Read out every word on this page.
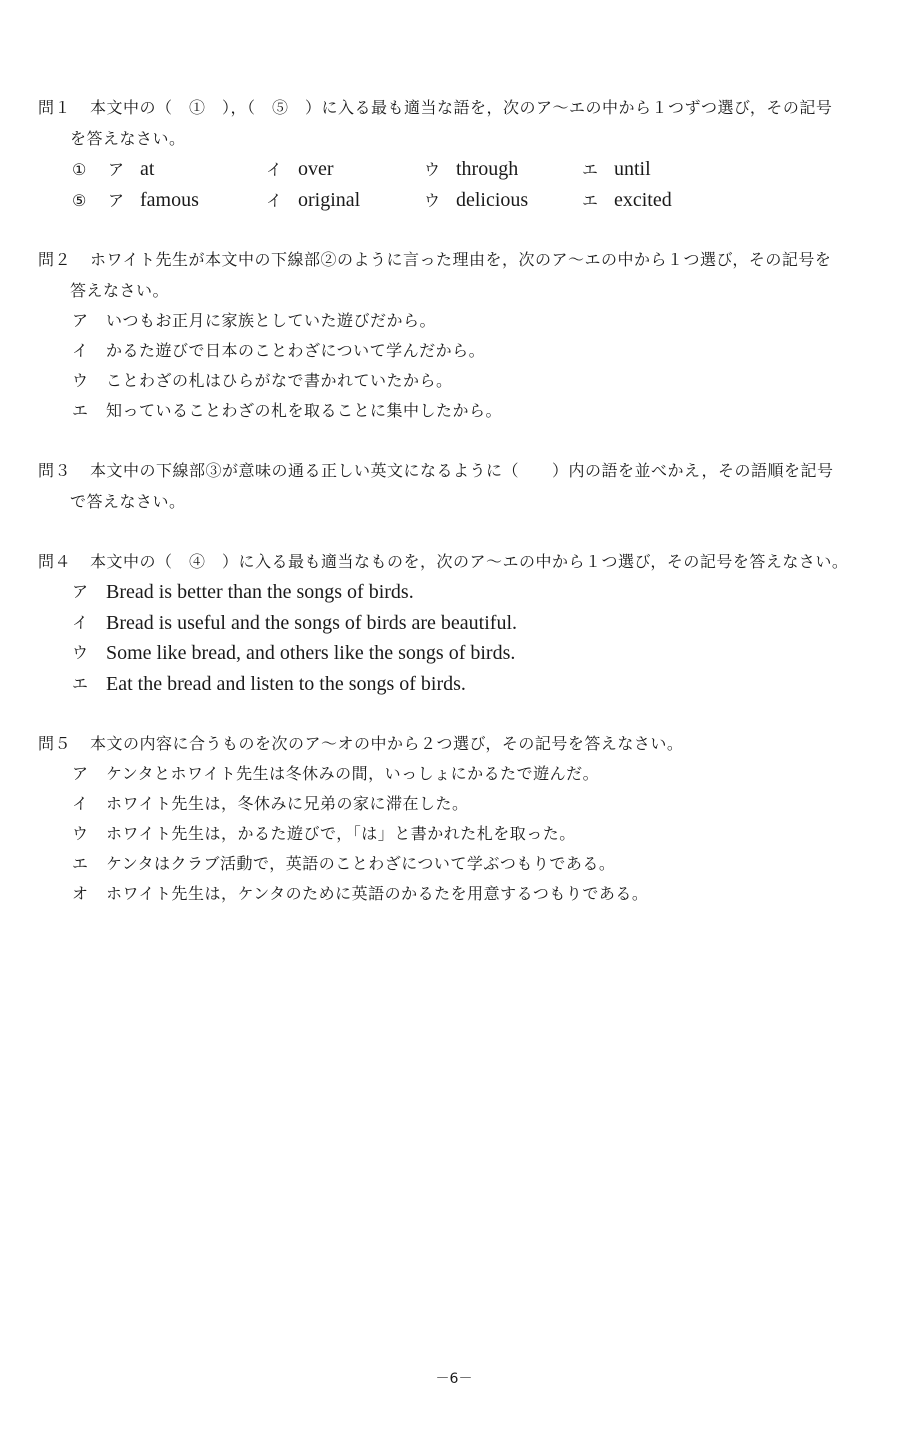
問１	本文中の（　①　），（　⑤　）に入る最も適当な語を，次のア～エの中から１つずつ選び，その記号
を答えなさい。
①	ア at	イ over	ウ through	エ until
⑤	ア famous	イ original	ウ delicious	エ excited
問２	ホワイト先生が本文中の下線部②のように言った理由を，次のア～エの中から１つ選び，その記号を
答えなさい。
ア	いつもお正月に家族としていた遊びだから。
イ	かるた遊びで日本のことわざについて学んだから。
ウ	ことわざの札はひらがなで書かれていたから。
エ	知っていることわざの札を取ることに集中したから。
問３	本文中の下線部③が意味の通る正しい英文になるように（　　）内の語を並べかえ，その語順を記号
で答えなさい。
問４	本文中の（　④　）に入る最も適当なものを，次のア～エの中から１つ選び，その記号を答えなさい。
ア Bread is better than the songs of birds.
イ Bread is useful and the songs of birds are beautiful.
ウ Some like bread, and others like the songs of birds.
エ Eat the bread and listen to the songs of birds.
問５	本文の内容に合うものを次のア～オの中から２つ選び，その記号を答えなさい。
ア	ケンタとホワイト先生は冬休みの間，いっしょにかるたで遊んだ。
イ	ホワイト先生は，冬休みに兄弟の家に滞在した。
ウ	ホワイト先生は，かるた遊びで，「は」と書かれた札を取った。
エ	ケンタはクラブ活動で，英語のことわざについて学ぶつもりである。
オ	ホワイト先生は，ケンタのために英語のかるたを用意するつもりである。
－6－
